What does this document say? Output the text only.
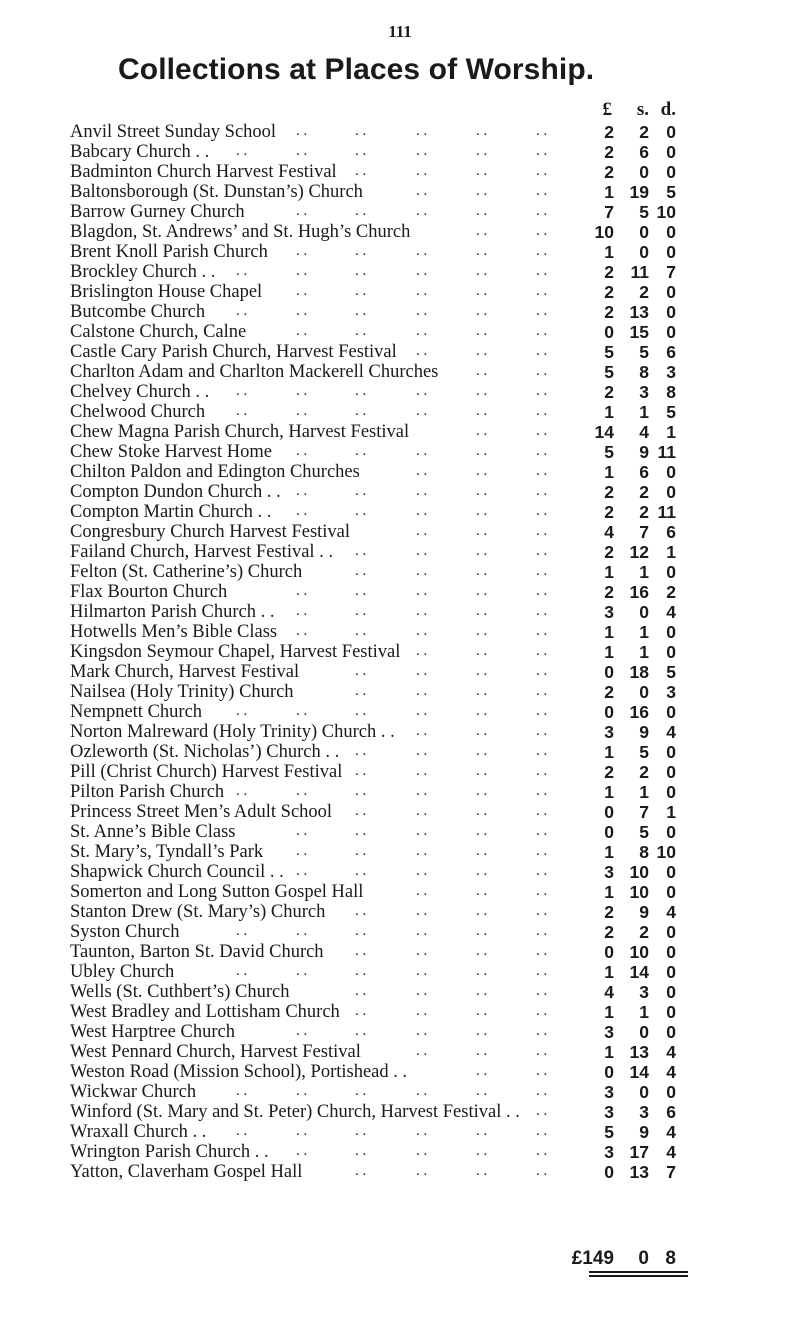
111
Collections at Places of Worship.
£	s. d.
Anvil Street Sunday School . .	. .	. .	. .	. .	2	2 0
Babcary Church . . . .	. .	. .	. .	. .	. .	2	6 0
Badminton Church Harvest Festival . .	. .	. .	. .	2	0 0
Baltonsborough (St. Dunstan’s) Church	. .	. .	. .	1 19 5
Barrow Gurney Church	. .	. .	. .	. .	. .	7	5 10
Blagdon, St. Andrews’ and St. Hugh’s Church	. .	. .	10	0 0
Brent Knoll Parish Church . .	. .	. .	. .	. .	1	0 0
Brockley Church . . . .	. .	. .	. .	. .	. .	2 11 7
Brislington House Chapel . .	. .	. .	. .	. .	2	2 0
Butcombe Church . .	. .	. .	. .	. .	. .	2 13 0
Calstone Church, Calne	. .	. .	. .	. .	. .	0 15 0
Castle Cary Parish Church, Harvest Festival . .	. .	. .	5	5 6
Charlton Adam and Charlton Mackerell Churches	. .	. .	5	8 3
Chelvey Church . . . .	. .	. .	. .	. .	. .	2	3 8
Chelwood Church . .	. .	. .	. .	. .	. .	1	1 5
Chew Magna Parish Church, Harvest Festival	. .	. .	14	4 1
Chew Stoke Harvest Home . .	. .	. .	. .	. .	5	9 11
Chilton Paldon and Edington Churches	. .	. .	. .	1	6 0
Compton Dundon Church . . . .	. .	. .	. .	. .	2	2 0
Compton Martin Church . . . .	. .	. .	. .	. .	2	2 11
Congresbury Church Harvest Festival	. .	. .	. .	4	7 6
Failand Church, Harvest Festival . . . .	. .	. .	. .	2 12 1
Felton (St. Catherine’s) Church	. .	. .	. .	. .	1	1 0
Flax Bourton Church	. .	. .	. .	. .	. .	2 16 2
Hilmarton Parish Church . . . .	. .	. .	. .	. .	3	0 4
Hotwells Men’s Bible Class . .	. .	. .	. .	. .	1	1 0
Kingsdon Seymour Chapel, Harvest Festival . .	. .	. .	1	1 0
Mark Church, Harvest Festival	. .	. .	. .	. .	0 18 5
Nailsea (Holy Trinity) Church	. .	. .	. .	. .	2	0 3
Nempnett Church . .	. .	. .	. .	. .	. .	0 16 0
Norton Malreward (Holy Trinity) Church . . . .	. .	. .	3	9 4
Ozleworth (St. Nicholas’) Church . . . .	. .	. .	. .	1	5 0
Pill (Christ Church) Harvest Festival . .	. .	. .	. .	2	2 0
Pilton Parish Church . .	. .	. .	. .	. .	. .	1	1 0
Princess Street Men’s Adult School . .	. .	. .	. .	0	7 1
St. Anne’s Bible Class	. .	. .	. .	. .	. .	0	5 0
St. Mary’s, Tyndall’s Park . .	. .	. .	. .	. .	1	8 10
Shapwick Church Council . . . .	. .	. .	. .	. .	3 10 0
Somerton and Long Sutton Gospel Hall	. .	. .	. .	1 10 0
Stanton Drew (St. Mary’s) Church . .	. .	. .	. .	2	9 4
Syston Church	. .	. .	. .	. .	. .	. .	2	2 0
Taunton, Barton St. David Church . .	. .	. .	. .	0 10 0
Ubley Church	. .	. .	. .	. .	. .	. .	1 14 0
Wells (St. Cuthbert’s) Church	. .	. .	. .	. .	4	3 0
West Bradley and Lottisham Church . .	. .	. .	. .	1	1 0
West Harptree Church	. .	. .	. .	. .	. .	3	0 0
West Pennard Church, Harvest Festival	. .	. .	. .	1 13 4
Weston Road (Mission School), Portishead . .	. .	. .	0 14 4
Wickwar Church	. .	. .	. .	. .	. .	. .	3	0 0
Winford (St. Mary and St. Peter) Church, Harvest Festival . . . .	3	3 6
Wraxall Church . . . .	. .	. .	. .	. .	. .	5	9 4
Wrington Parish Church . . . .	. .	. .	. .	. .	3 17 4
Yatton, Claverham Gospel Hall	. .	. .	. .	. .	0 13 7
£149	0 8
